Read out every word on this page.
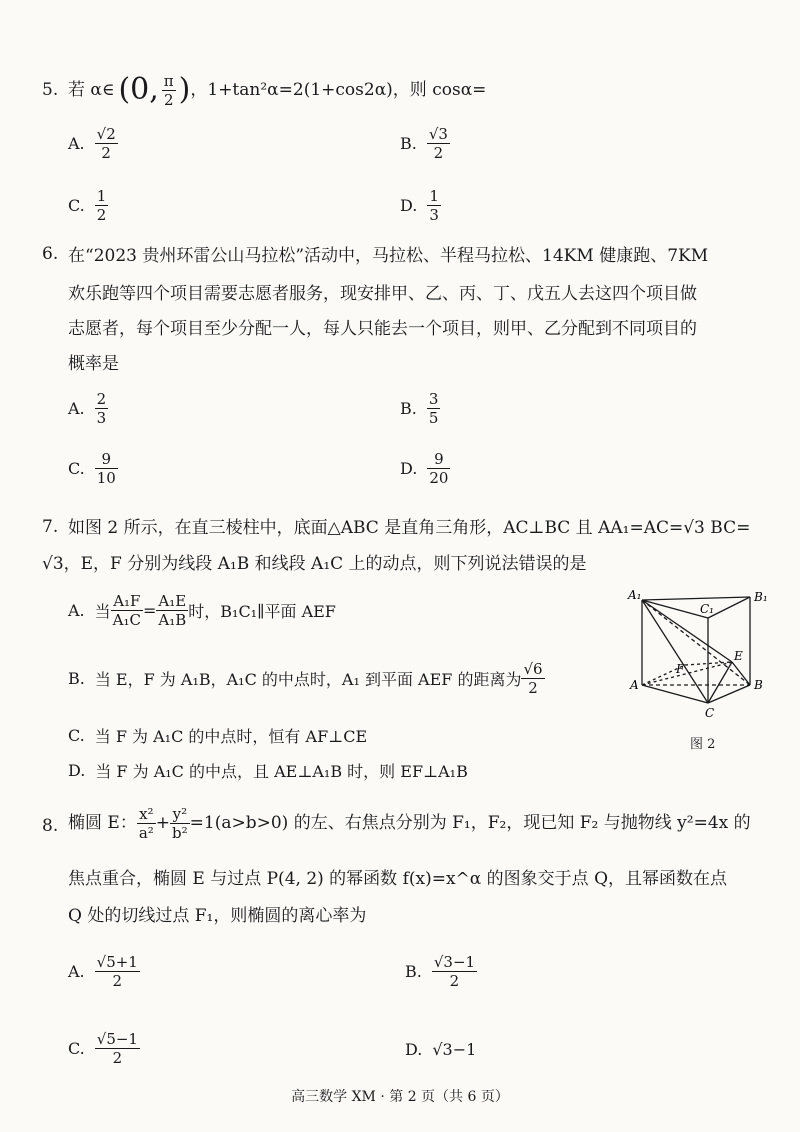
5. 若 α∈ (0, $\frac{\pi}{2}$ ) ，1+tan²α=2(1+cos2α)，则 cosα=
A. $\frac{√2}{2}$	B. $\frac{√3}{2}$
C. $\frac{1}{2}$	D. $\frac{1}{3}$
6. 在“2023 贵州环雷公山马拉松”活动中，马拉松、半程马拉松、14KM 健康跑、7KM
欢乐跑等四个项目需要志愿者服务，现安排甲、乙、丙、丁、戊五人去这四个项目做
志愿者，每个项目至少分配一人，每人只能去一个项目，则甲、乙分配到不同项目的
概率是
A. $\frac{2}{3}$	B. $\frac{3}{5}$
C. $\frac{9}{10}$	D. $\frac{9}{20}$
7. 如图 2 所示，在直三棱柱中，底面△ABC 是直角三角形，AC⊥BC 且 AA₁=AC=√3 BC=
√3，E，F 分别为线段 A₁B 和线段 A₁C 上的动点，则下列说法错误的是
A. 当 $\frac{\text{A₁F}}{\text{A₁C}} = \frac{\text{A₁E}}{\text{A₁B}}$ 时，B₁C₁∥平面 AEF
B. 当 E，F 为 A₁B，A₁C 的中点时，A₁ 到平面 AEF 的距离为 $\frac{√6}{2}$
C. 当 F 为 A₁C 的中点时，恒有 AF⊥CE
D. 当 F 为 A₁C 的中点，且 AE⊥A₁B 时，则 EF⊥A₁B
A₁	B₁
C₁
A	B
C
E
F
图 2
8. 椭圆 E： $\frac{\text{x²}}{\text{a²}} + \frac{\text{y²}}{\text{b²}} =1(a>b>0)$ 的左、右焦点分别为 F₁，F₂，现已知 F₂ 与抛物线 y²=4x 的
焦点重合，椭圆 E 与过点 P(4, 2) 的幂函数 f(x)=x^α 的图象交于点 Q，且幂函数在点
Q 处的切线过点 F₁，则椭圆的离心率为
A. $\frac{√5+1}{2}$	B. $\frac{√3-1}{2}$
C. $\frac{√5-1}{2}$	D. √3−1
高三数学 XM · 第 2 页（共 6 页）
